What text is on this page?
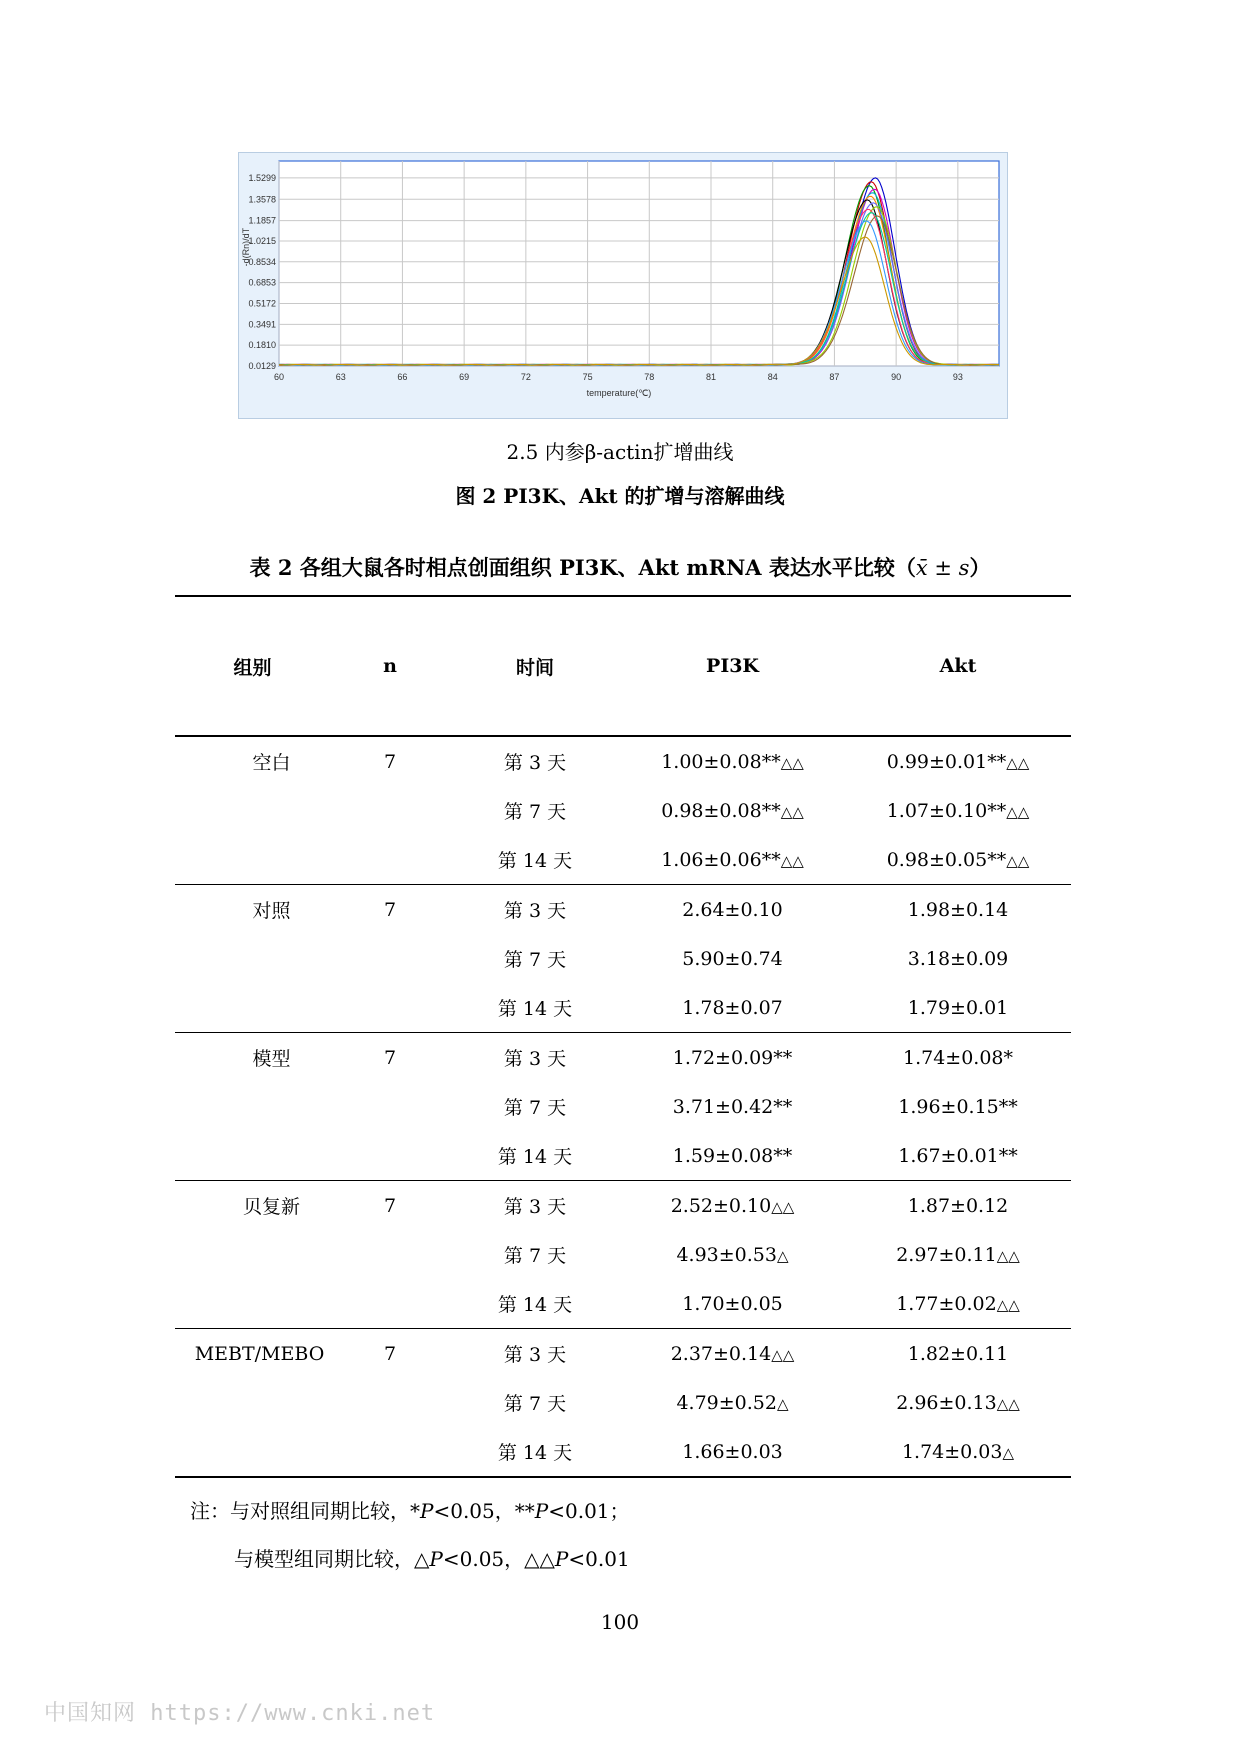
60	63	66	69	72	75	78	81	84	87	90	93
1.5299
1.3578
1.1857
1.0215
0.8534
0.6853
0.5172
0.3491
0.1810
0.0129
temperature(℃)
-d(Rn)/dT
2.5 内参β-actin扩增曲线
图 2 PI3K、Akt 的扩增与溶解曲线
表 2 各组大鼠各时相点创面组织 PI3K、Akt mRNA 表达水平比较（x̄ ± s）
组别	n	时间	PI3K	Akt
空白	7	第 3 天	1.00±0.08**△△	0.99±0.01**△△
		第 7 天	0.98±0.08**△△	1.07±0.10**△△
		第 14 天	1.06±0.06**△△	0.98±0.05**△△
对照	7	第 3 天	2.64±0.10	1.98±0.14
		第 7 天	5.90±0.74	3.18±0.09
		第 14 天	1.78±0.07	1.79±0.01
模型	7	第 3 天	1.72±0.09**	1.74±0.08*
		第 7 天	3.71±0.42**	1.96±0.15**
		第 14 天	1.59±0.08**	1.67±0.01**
贝复新	7	第 3 天	2.52±0.10△△	1.87±0.12
		第 7 天	4.93±0.53△	2.97±0.11△△
		第 14 天	1.70±0.05	1.77±0.02△△
MEBT/MEBO	7	第 3 天	2.37±0.14△△	1.82±0.11
		第 7 天	4.79±0.52△	2.96±0.13△△
		第 14 天	1.66±0.03	1.74±0.03△
注：与对照组同期比较，*P<0.05，**P<0.01；
与模型组同期比较，△P<0.05，△△P<0.01
100
中国知网 https://www.cnki.net
